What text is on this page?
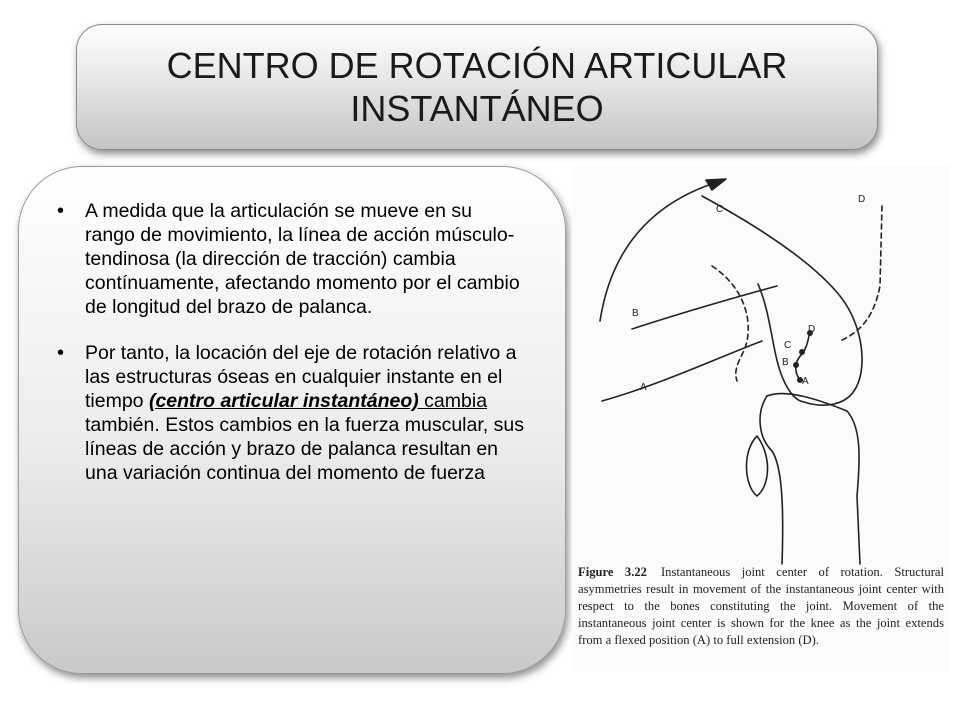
CENTRO DE ROTACIÓN ARTICULAR INSTANTÁNEO
• A medida que la articulación se mueve en su rango de movimiento, la línea de acción músculo-tendinosa (la dirección de tracción) cambia contínuamente, afectando momento por el cambio de longitud del brazo de palanca.
• Por tanto, la locación del eje de rotación relativo a las estructuras óseas en cualquier instante en el tiempo (centro articular instantáneo) cambia también. Estos cambios en la fuerza muscular, sus líneas de acción y brazo de palanca resultan en una variación continua del momento de fuerza
C
D
B
A
D
C
B
A
Figure 3.22 Instantaneous joint center of rotation. Structural asymmetries result in movement of the instantaneous joint center with respect to the bones constituting the joint. Movement of the instantaneous joint center is shown for the knee as the joint extends from a flexed position (A) to full extension (D).
